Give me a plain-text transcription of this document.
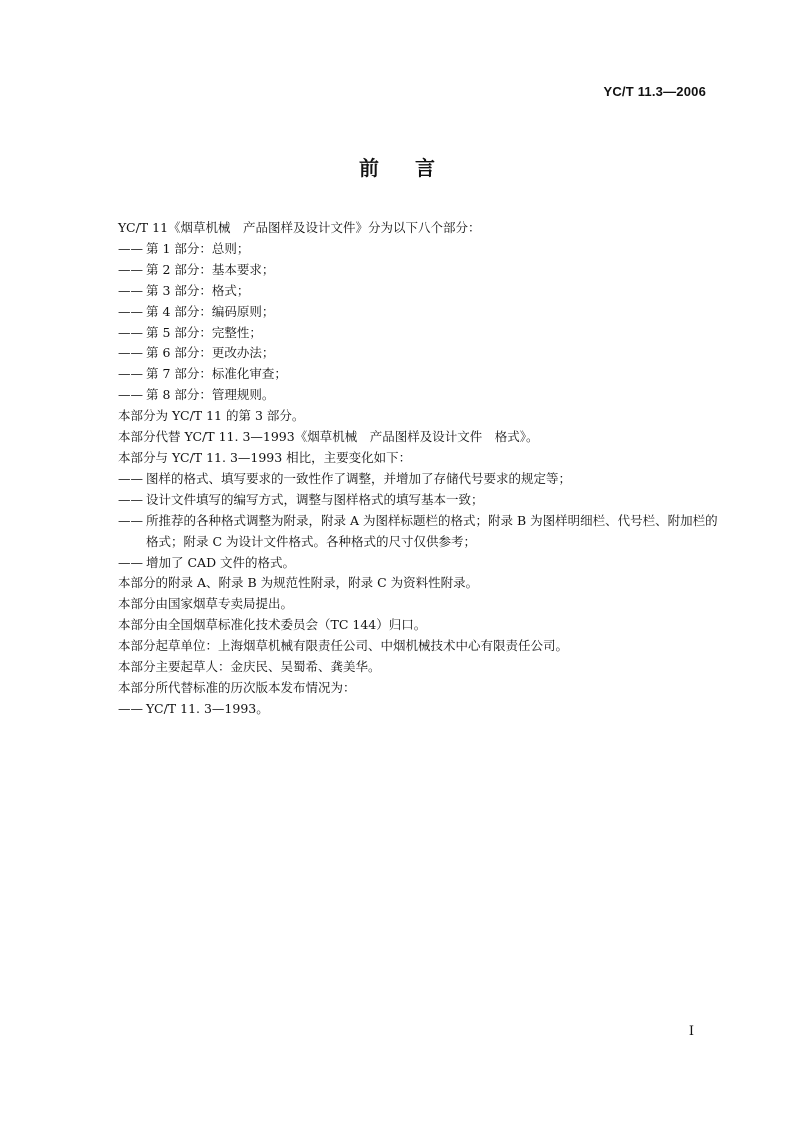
YC/T 11.3—2006
前言

YC/T 11《烟草机械　产品图样及设计文件》分为以下八个部分：

—— 第 1 部分：总则；

—— 第 2 部分：基本要求；

—— 第 3 部分：格式；

—— 第 4 部分：编码原则；

—— 第 5 部分：完整性；

—— 第 6 部分：更改办法；

—— 第 7 部分：标准化审查；

—— 第 8 部分：管理规则。

本部分为 YC/T 11 的第 3 部分。

本部分代替 YC/T 11. 3—1993《烟草机械　产品图样及设计文件　格式》。

本部分与 YC/T 11. 3—1993 相比，主要变化如下：

—— 图样的格式、填写要求的一致性作了调整，并增加了存储代号要求的规定等；

—— 设计文件填写的编写方式，调整与图样格式的填写基本一致；

—— 所推荐的各种格式调整为附录，附录 A 为图样标题栏的格式；附录 B 为图样明细栏、代号栏、附加栏的格式；附录 C 为设计文件格式。各种格式的尺寸仅供参考；

—— 增加了 CAD 文件的格式。

本部分的附录 A、附录 B 为规范性附录，附录 C 为资料性附录。

本部分由国家烟草专卖局提出。

本部分由全国烟草标准化技术委员会（TC 144）归口。

本部分起草单位：上海烟草机械有限责任公司、中烟机械技术中心有限责任公司。

本部分主要起草人：金庆民、吴蜀希、龚美华。

本部分所代替标准的历次版本发布情况为：

—— YC/T 11. 3—1993。

I
